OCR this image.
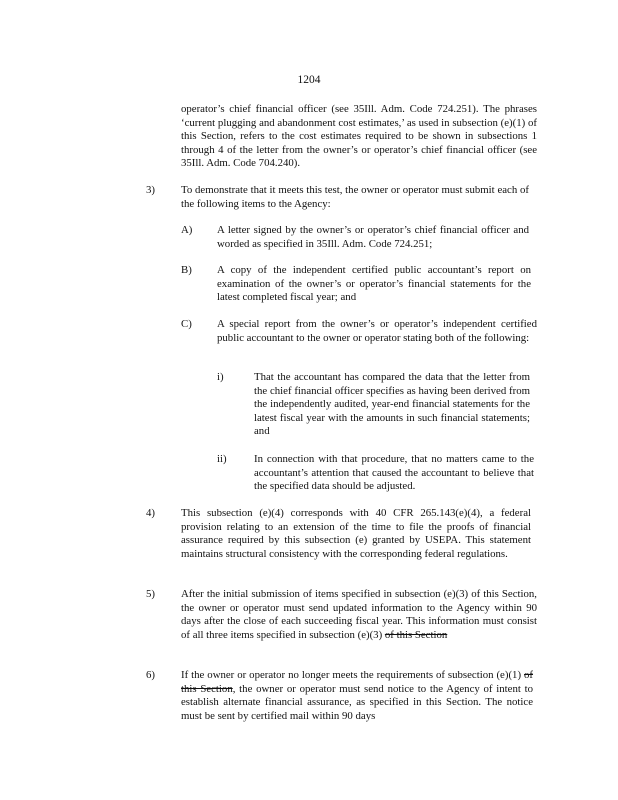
1204

operator’s chief financial officer (see 35Ill. Adm. Code 724.251). The phrases ‘current plugging and abandonment cost estimates,’ as used in subsection (e)(1) of this Section, refers to the cost estimates required to be shown in subsections 1 through 4 of the letter from the owner’s or operator’s chief financial officer (see 35Ill. Adm. Code 704.240).

3) To demonstrate that it meets this test, the owner or operator must submit each of the following items to the Agency:

A) A letter signed by the owner’s or operator’s chief financial officer and worded as specified in 35Ill. Adm. Code 724.251;

B) A copy of the independent certified public accountant’s report on examination of the owner’s or operator’s financial statements for the latest completed fiscal year; and

C) A special report from the owner’s or operator’s independent certified public accountant to the owner or operator stating both of the following:

i)	That the accountant has compared the data that the letter from the chief financial officer specifies as having been derived from the independently audited, year-end financial statements for the latest fiscal year with the amounts in such financial statements; and

ii)	In connection with that procedure, that no matters came to the accountant’s attention that caused the accountant to believe that the specified data should be adjusted.

4) This subsection (e)(4) corresponds with 40 CFR 265.143(e)(4), a federal provision relating to an extension of the time to file the proofs of financial assurance required by this subsection (e) granted by USEPA. This statement maintains structural consistency with the corresponding federal regulations.

5) After the initial submission of items specified in subsection (e)(3) of this Section, the owner or operator must send updated information to the Agency within 90 days after the close of each succeeding fiscal year. This information must consist of all three items specified in subsection (e)(3) of this Section

6) If the owner or operator no longer meets the requirements of subsection (e)(1) of this Section, the owner or operator must send notice to the Agency of intent to establish alternate financial assurance, as specified in this Section. The notice must be sent by certified mail within 90 days
